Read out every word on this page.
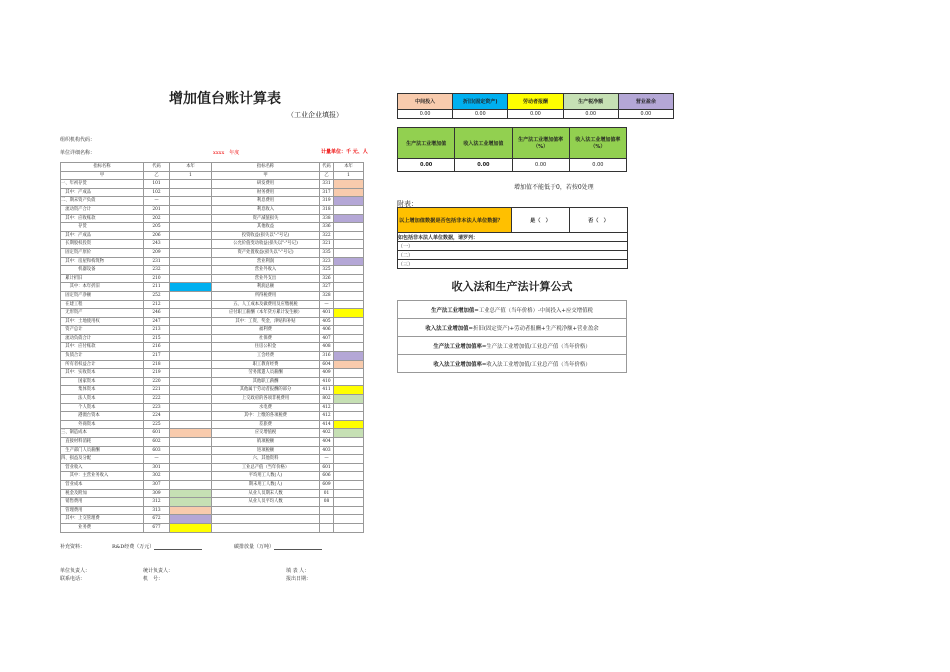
增加值台账计算表
（工业企业填报）
组织机构代码：
单位详细名称：	xxxx　年度	计量单位：千 元、人
指标名称	代码	本年	指标名称	代码	本年
甲	乙	1	甲	乙	1
一、年初存货	101		研发费用	331	
　其中：产成品	102		财务费用	317	
二、期末资产负债	—		利息费用	319	
　流动资产合计	201		利息收入	318	
　其中：应收账款	202		资产减值损失	338	
　　　　存货	205		其他收益	336	
　其中：产成品	206		投资收益(损失以"-"号记)	322	
　长期股权投资	243		公允价值变动收益(损失以"-"号记)	321	
　固定资产原价	209		资产处置收益(损失以"-"号记)	335	
　其中：房屋和构筑物	231		营业利润	323	
　　　　机器设备	232		营业外收入	325	
　累计折旧	210		营业外支出	326	
　　其中：本年折旧	211		利润总额	327	
　固定资产净额	252		所得税费用	328	
　在建工程	212		五、人工成本及做费用及应缴税税	—	
　无形资产	246		应付职工薪酬（本年贷方累计发生额）	401	
　其中：土地使用权	247		其中：工资、奖金、津贴和补贴	405	
　资产总计	213		福利费	406	
　流动负债合计	215		社保费	407	
　其中：应付账款	216		住房公积金	408	
　负债合计	217		工会经费	316	
　所有者权益合计	218		职工教育经费	604	
　其中：实收资本	219		劳务派遣人员薪酬	409	
　　　　国家资本	220		其他职工薪酬	410	
　　　　集体资本	221		其他属于劳动者报酬的部分	411	
　　　　法人资本	222		上交政府的各项非税费用	802	
　　　　个人资本	223		水电费	412	
　　　　港澳台资本	224		其中：上缴的各项税费	412	
　　　　外商资本	225		差旅费	414	
三、制造成本	601		应交增值税	402	
　直接材料消耗	602		销项税额	404	
　生产部门人员薪酬	603		进项税额	403	
四、损益及分配	—		六、其他资料	—	
　营业收入	301		工业总产值（当年价格）	601	
　　其中：主营业务收入	302		平均用工人数(人)	606	
　营业成本	307		期末用工人数(人)	609	
　税金及附加	309		从业人员期末人数	01	
　销售费用	312		从业人员平均人数	08	
　管理费用	313				
　其中：上交管理费	672				
　　　　业务费	677				
补充资料：	R&D经费（万元）	碳排放量（万吨）
单位负责人：	统计负责人：	填 表 人：
联系电话：	机　号：	报出日期：
中间投入	折旧(固定资产)	劳动者报酬	生产税净额	营业盈余
0.00	0.00	0.00	0.00	0.00
生产法工业增加值	收入法工业增加值	生产法工业增加值率（%）	收入法工业增加值率（%）
0.00	0.00	0.00	0.00
增加值不能低于0，若按0处理
附表：
以上增加值数据是否包括非本法人单位数据？	是（　）	否（　）
如包括非本法人单位数据，请罗列：
（一）
（二）
（三）
收入法和生产法计算公式
生产法工业增加值=工业总产值（当年价格）-中间投入+应交增值税
收入法工业增加值=折旧(固定资产)+劳动者报酬+生产税净额+营业盈余
生产法工业增加值率=生产法工业增加值/工业总产值（当年价格）
收入法工业增加值率=收入法工业增加值/工业总产值（当年价格）
